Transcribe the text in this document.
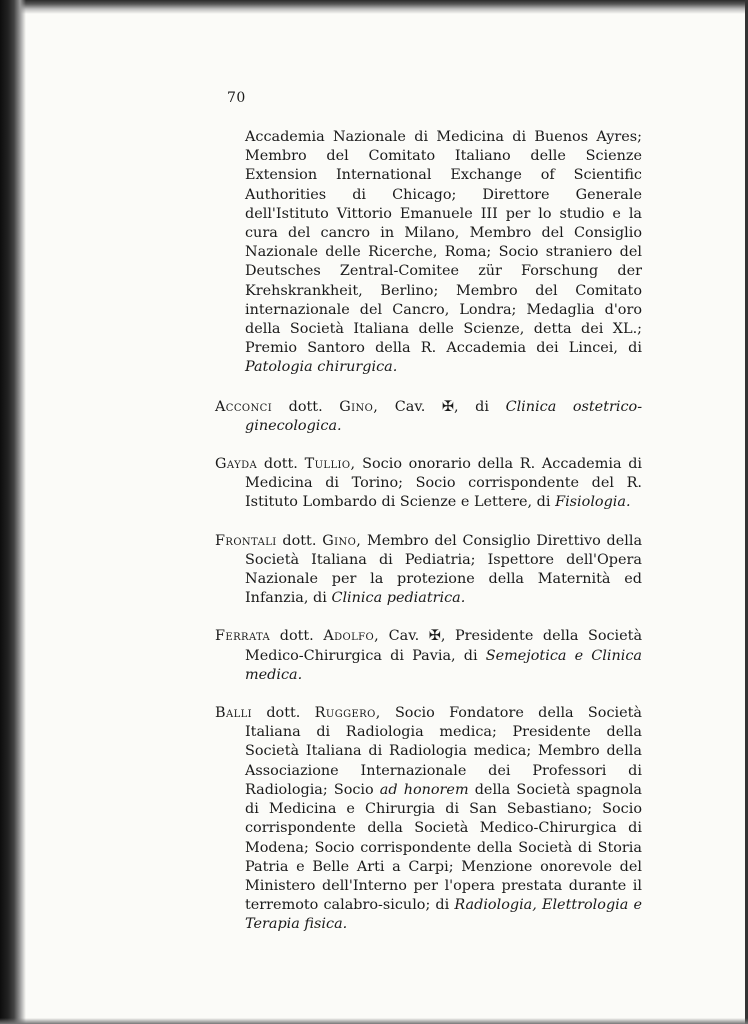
70

Accademia Nazionale di Medicina di Buenos Ayres; Membro del Comitato Italiano delle Scienze Extension International Exchange of Scientific Authorities di Chicago; Direttore Generale dell'Istituto Vittorio Emanuele III per lo studio e la cura del cancro in Milano, Membro del Consiglio Nazionale delle Ricerche, Roma; Socio straniero del Deutsches Zentral-Comitee zür Forschung der Krehskrankheit, Berlino; Membro del Comitato internazionale del Cancro, Londra; Medaglia d'oro della Società Italiana delle Scienze, detta dei XL.; Premio Santoro della R. Accademia dei Lincei, di Patologia chirurgica.

Acconci dott. Gino, Cav. ✠, di Clinica ostetrico-ginecologica.

Gayda dott. Tullio, Socio onorario della R. Accademia di Medicina di Torino; Socio corrispondente del R. Istituto Lombardo di Scienze e Lettere, di Fisiologia.

Frontali dott. Gino, Membro del Consiglio Direttivo della Società Italiana di Pediatria; Ispettore dell'Opera Nazionale per la protezione della Maternità ed Infanzia, di Clinica pediatrica.

Ferrata dott. Adolfo, Cav. ✠, Presidente della Società Medico-Chirurgica di Pavia, di Semejotica e Clinica medica.

Balli dott. Ruggero, Socio Fondatore della Società Italiana di Radiologia medica; Presidente della Società Italiana di Radiologia medica; Membro della Associazione Internazionale dei Professori di Radiologia; Socio ad honorem della Società spagnola di Medicina e Chirurgia di San Sebastiano; Socio corrispondente della Società Medico-Chirurgica di Modena; Socio corrispondente della Società di Storia Patria e Belle Arti a Carpi; Menzione onorevole del Ministero dell'Interno per l'opera prestata durante il terremoto calabro-siculo; di Radiologia, Elettrologia e Terapia fisica.
